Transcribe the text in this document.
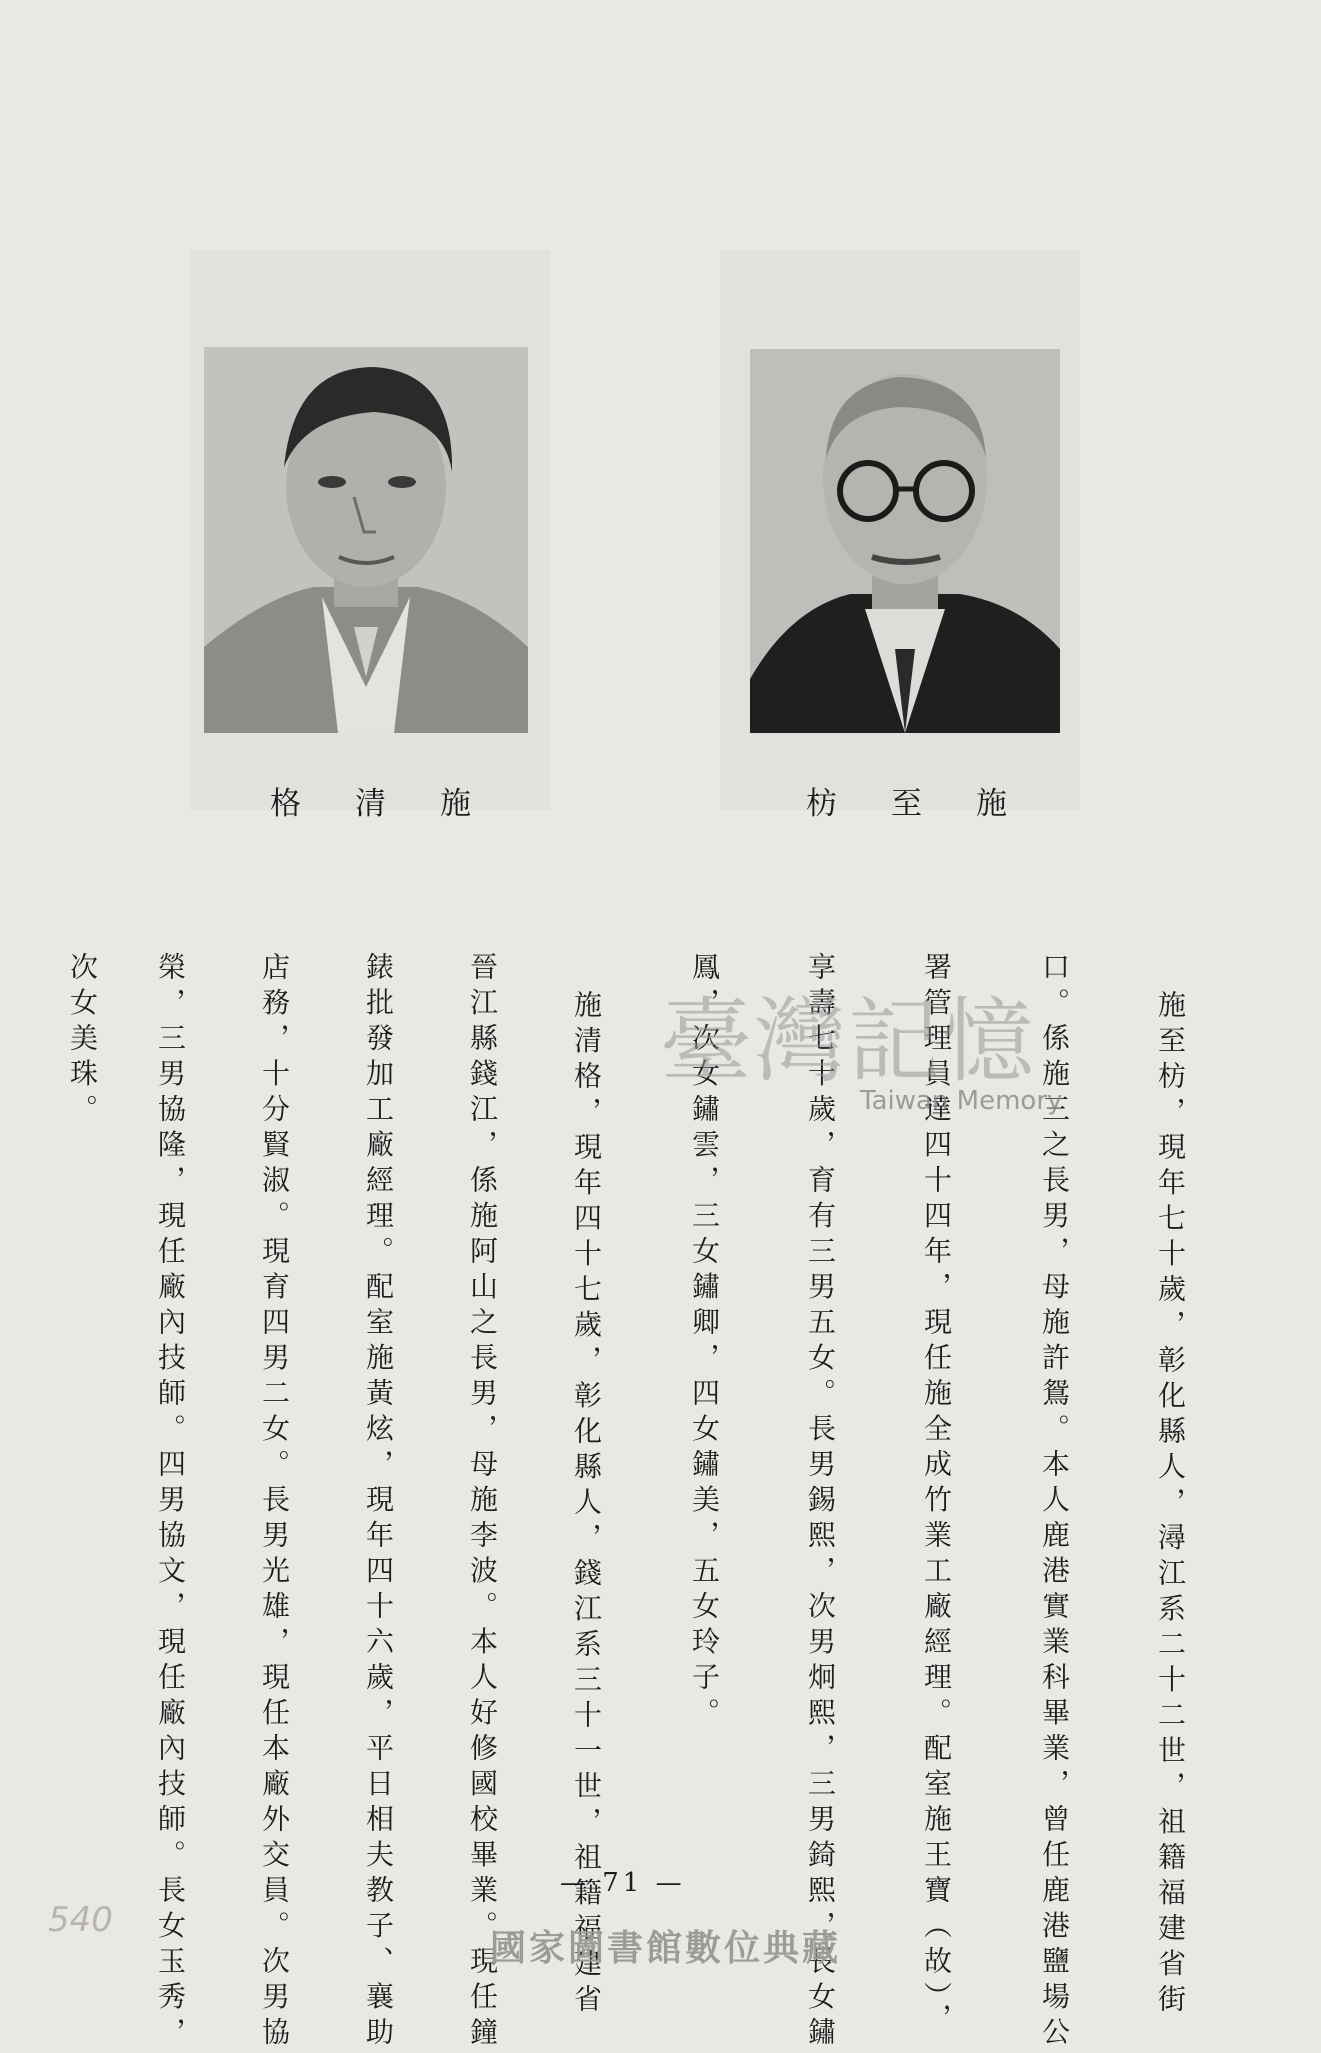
施清格	施至枋
施至枋，現年七十歲，彰化縣人，潯江系二十二世，祖籍福建省街
口。係施三之長男，母施許鴛。本人鹿港實業科畢業，曾任鹿港鹽場公
署管理員達四十四年，現任施全成竹業工廠經理。配室施王寶（故），
享壽七十歲，育有三男五女。長男錫熙，次男炯熙，三男錡熙，長女鏽
鳳，次女鏽雲，三女鏽卿，四女鏽美，五女玲子。
施清格，現年四十七歲，彰化縣人，錢江系三十一世，祖籍福建省
晉江縣錢江，係施阿山之長男，母施李波。本人好修國校畢業。現任鐘
錶批發加工廠經理。配室施黃炫，現年四十六歲，平日相夫教子、襄助
店務，十分賢淑。現育四男二女。長男光雄，現任本廠外交員。次男協
榮，三男協隆，現任廠內技師。四男協文，現任廠內技師。長女玉秀，
次女美珠。	臺灣記憶
Taiwan Memory
— 71 —
540
國家圖書館數位典藏
